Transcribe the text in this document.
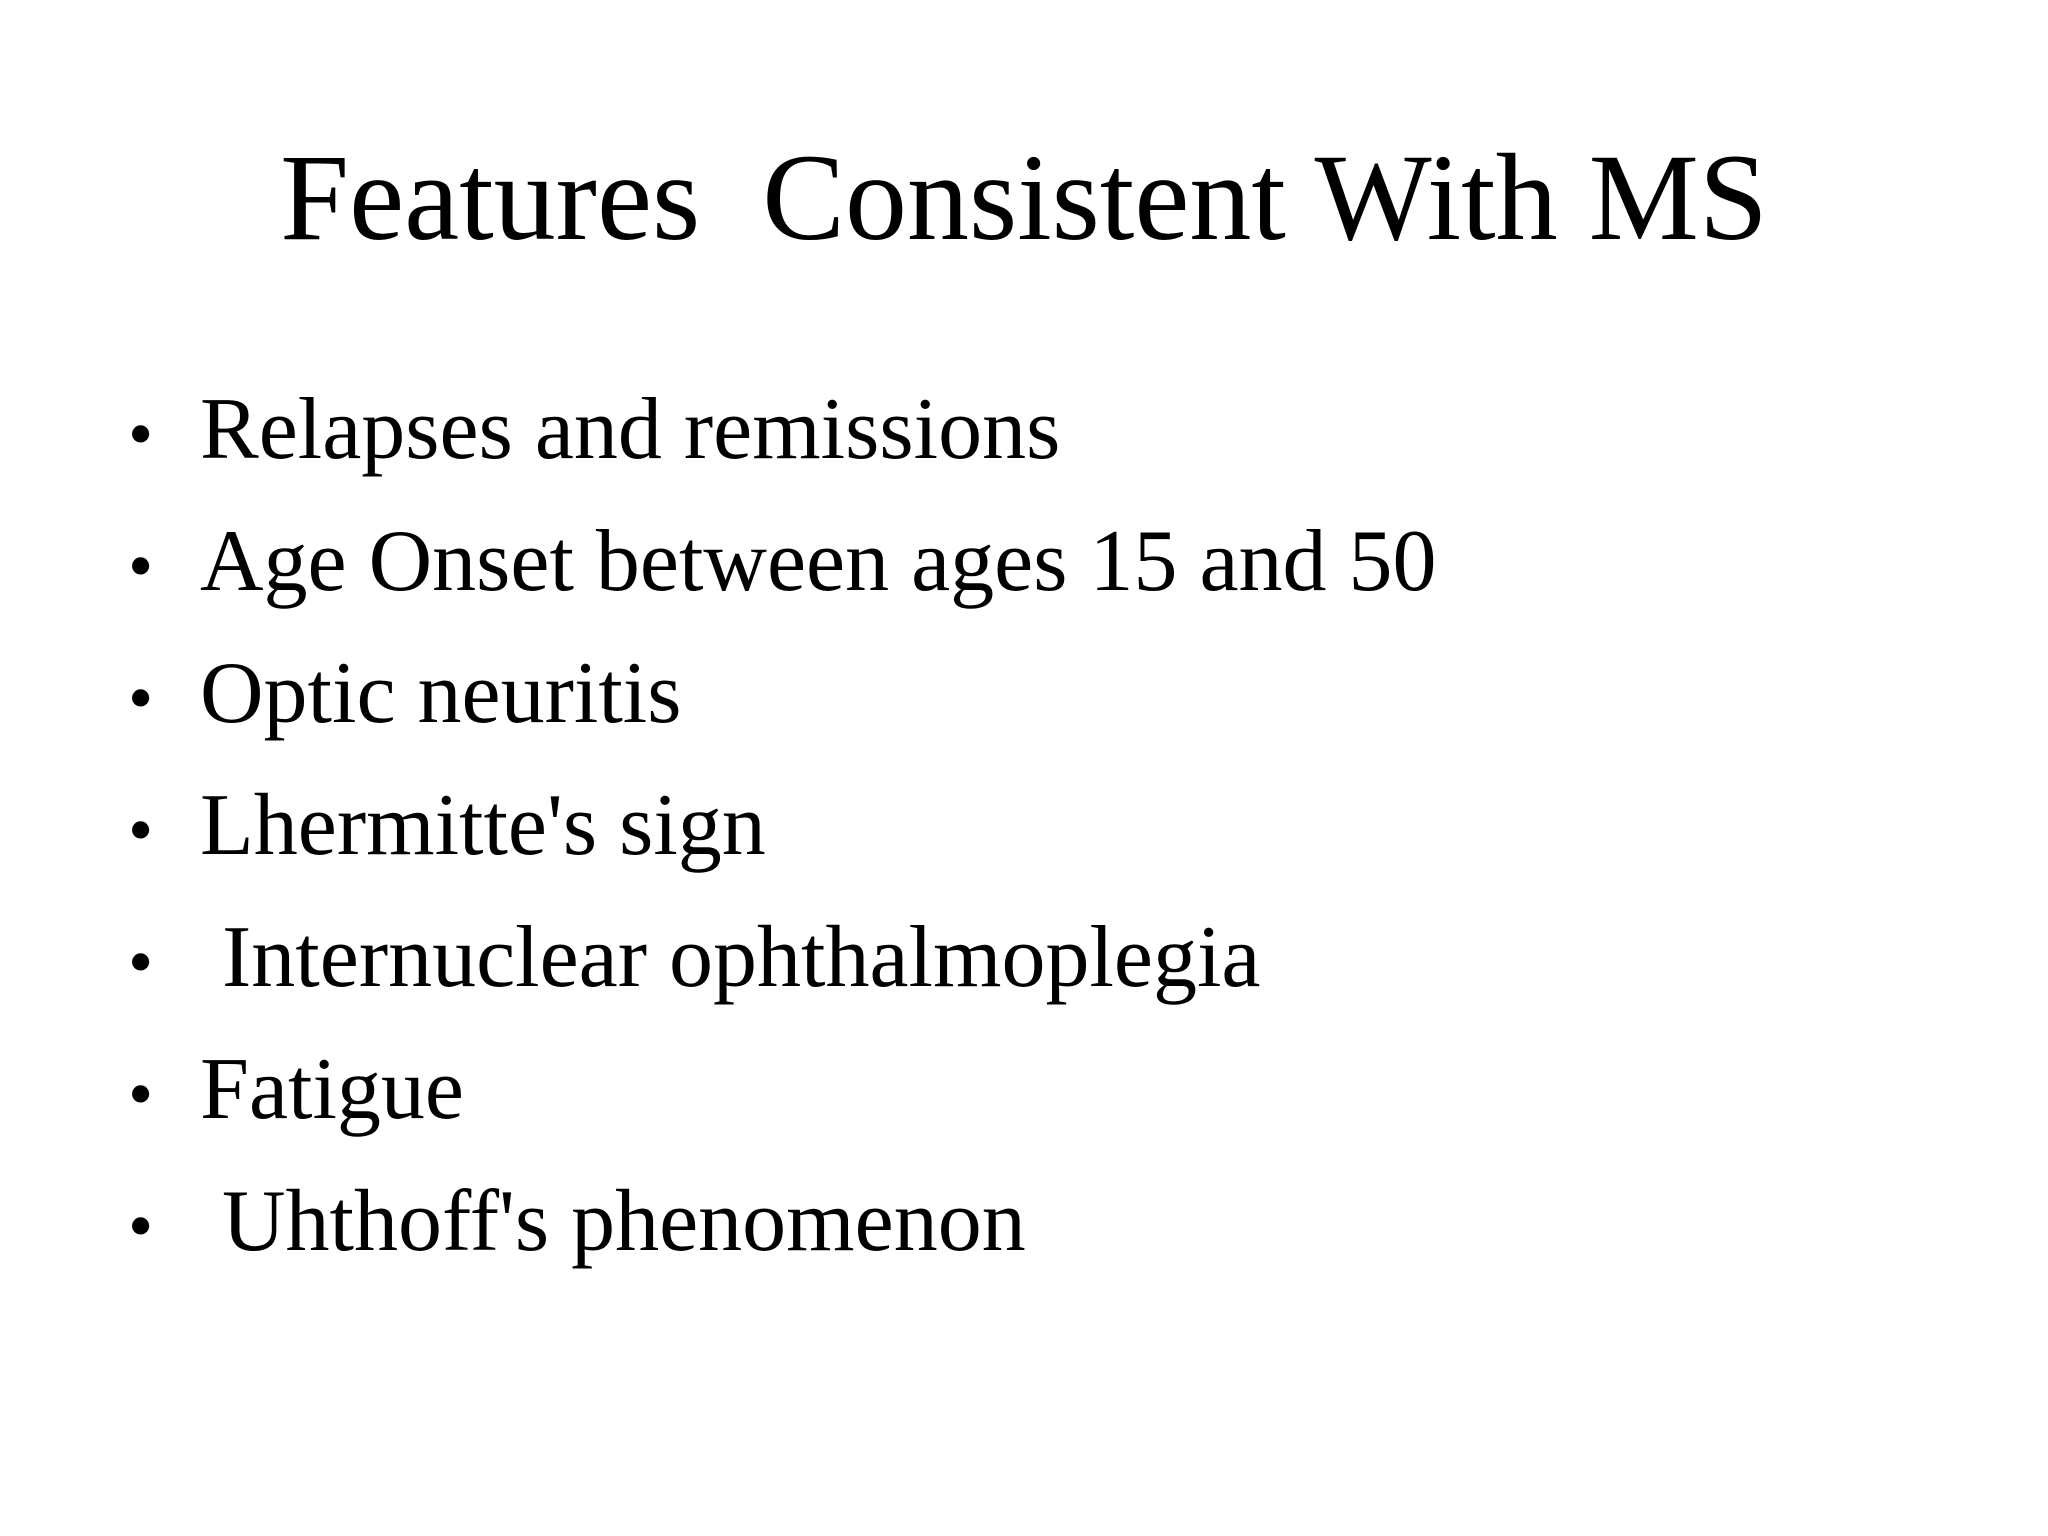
Features  Consistent With MS
• Relapses and remissions
• Age Onset between ages 15 and 50
• Optic neuritis
• Lhermitte's sign
• Internuclear ophthalmoplegia
• Fatigue
• Uhthoff's phenomenon
